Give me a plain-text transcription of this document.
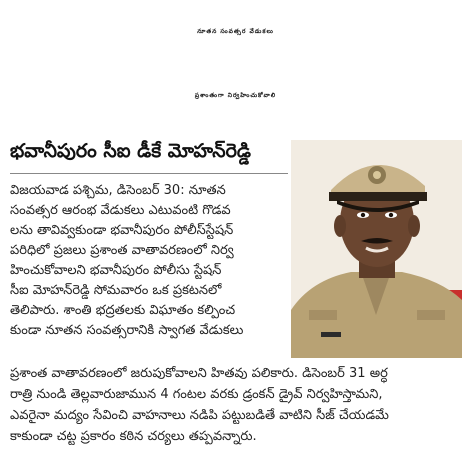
నూతన సంవత్సర వేడుకలు
ప్రశాంతంగా నిర్వహించుకోవాలి
భవానీపురం సీఐ డీకే మోహన్‌రెడ్డి
విజయవాడ పశ్చిమ, డిసెంబర్ 30: నూతన
సంవత్సర ఆరంభ వేడుకలు ఎటువంటి గొడవ
లను తావివ్వకుండా భవానీపురం పోలీస్‌స్టేషన్
పరిధిలో ప్రజలు ప్రశాంత వాతావరణంలో నిర్వ
హించుకోవాలని భవానీపురం పోలీసు స్టేషన్
సీఐ మోహన్‌రెడ్డి సోమవారం ఒక ప్రకటనలో
తెలిపారు. శాంతి భద్రతలకు విఘాతం కల్పించ
కుండా నూతన సంవత్సరానికి స్వాగత వేడుకలు
ప్రశాంత వాతావరణంలో జరుపుకోవాలని హితవు పలికారు. డిసెంబర్ 31 అర్ధ
రాత్రి నుండి తెల్లవారుజామున 4 గంటల వరకు డ్రంకన్ డ్రైవ్ నిర్వహిస్తామని,
ఎవరైనా మద్యం సేవించి వాహనాలు నడిపి పట్టుబడితే వాటిని సీజ్ చేయడమే
కాకుండా చట్ట ప్రకారం కఠిన చర్యలు తప్పవన్నారు.
